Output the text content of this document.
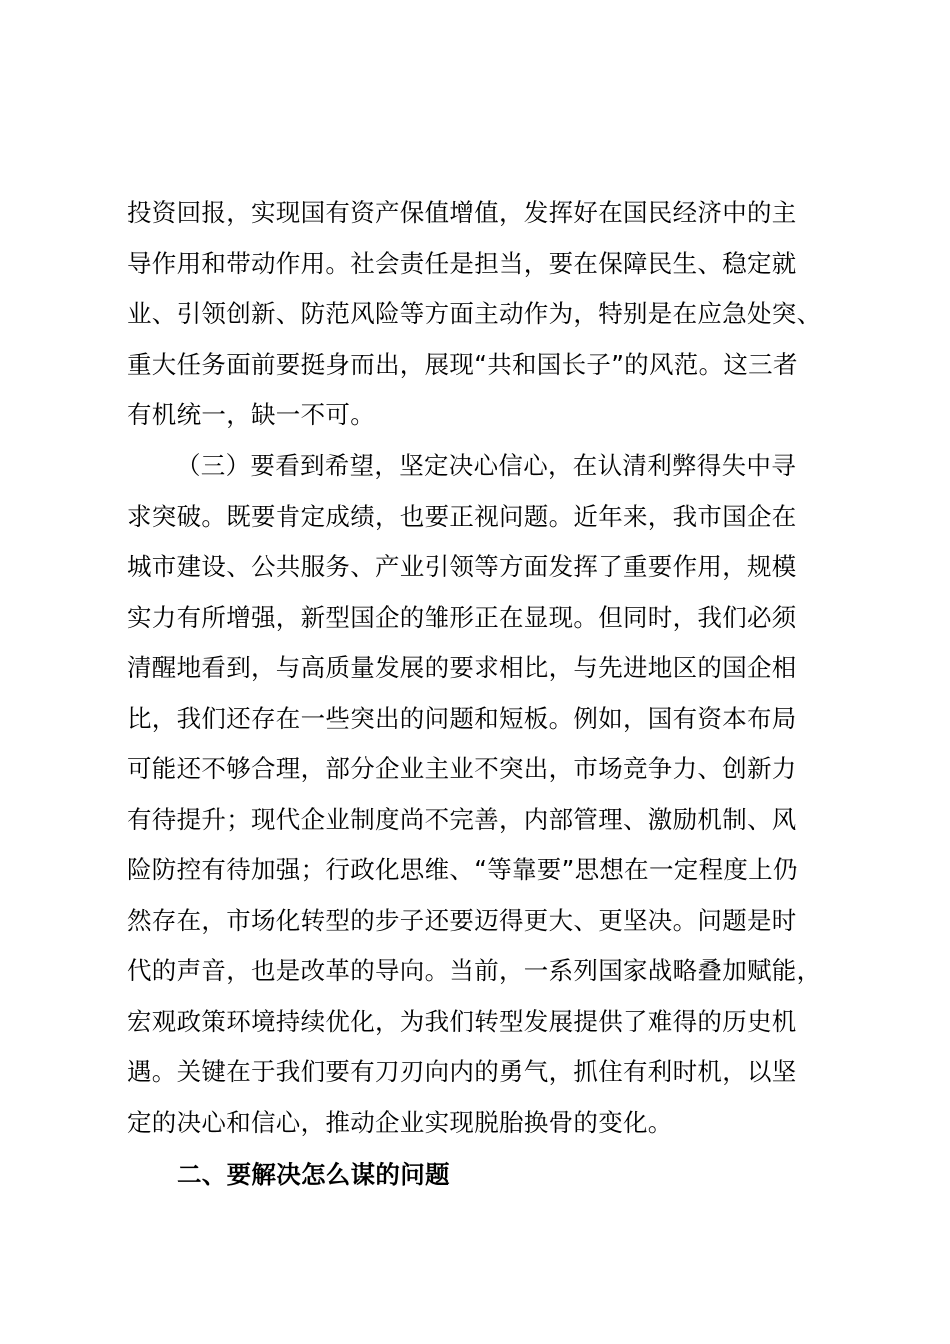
投资回报，实现国有资产保值增值，发挥好在国民经济中的主
导作用和带动作用。社会责任是担当，要在保障民生、稳定就
业、引领创新、防范风险等方面主动作为，特别是在应急处突、
重大任务面前要挺身而出，展现“共和国长子”的风范。这三者
有机统一，缺一不可。
（三）要看到希望，坚定决心信心，在认清利弊得失中寻
求突破。既要肯定成绩，也要正视问题。近年来，我市国企在
城市建设、公共服务、产业引领等方面发挥了重要作用，规模
实力有所增强，新型国企的雏形正在显现。但同时，我们必须
清醒地看到，与高质量发展的要求相比，与先进地区的国企相
比，我们还存在一些突出的问题和短板。例如，国有资本布局
可能还不够合理，部分企业主业不突出，市场竞争力、创新力
有待提升；现代企业制度尚不完善，内部管理、激励机制、风
险防控有待加强；行政化思维、“等靠要”思想在一定程度上仍
然存在，市场化转型的步子还要迈得更大、更坚决。问题是时
代的声音，也是改革的导向。当前，一系列国家战略叠加赋能，
宏观政策环境持续优化，为我们转型发展提供了难得的历史机
遇。关键在于我们要有刀刃向内的勇气，抓住有利时机，以坚
定的决心和信心，推动企业实现脱胎换骨的变化。
二、要解决怎么谋的问题
